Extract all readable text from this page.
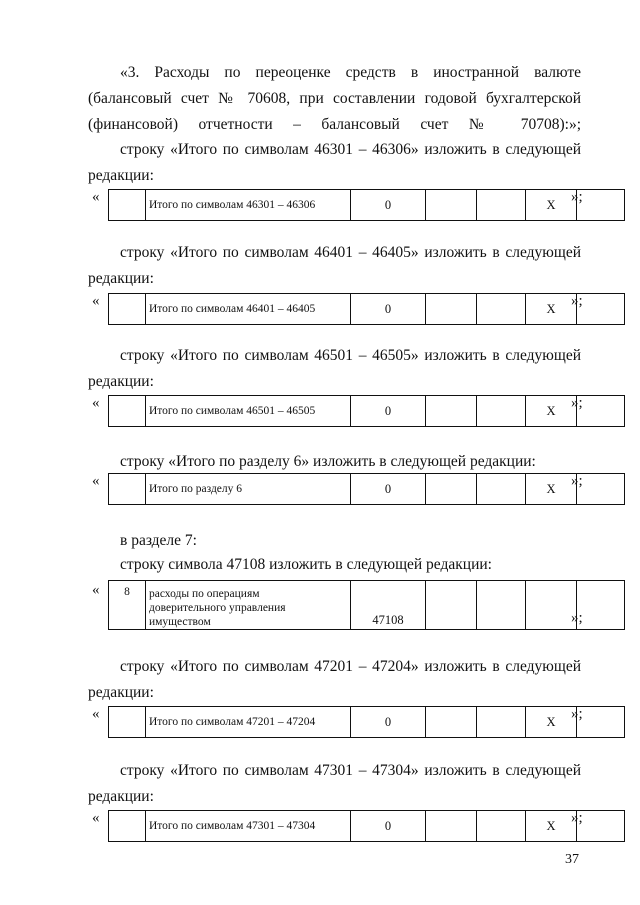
«3. Расходы по переоценке средств в иностранной валюте (балансовый счет № 70608, при составлении годовой бухгалтерской (финансовой) отчетности – балансовый счет № 70708):»;
строку «Итого по символам 46301 – 46306» изложить в следующей редакции:
«
		Итого по символам 46301 – 46306	0			X	»;
строку «Итого по символам 46401 – 46405» изложить в следующей редакции:
«
		Итого по символам 46401 – 46405	0			X	»;
строку «Итого по символам 46501 – 46505» изложить в следующей редакции:
«
		Итого по символам 46501 – 46505	0			X	»;
строку «Итого по разделу 6» изложить в следующей редакции:
«
		Итого по разделу 6	0			X	»;
в разделе 7:
строку символа 47108 изложить в следующей редакции:
« 8	расходы по операциям
доверительного управления
имуществом	47108					»;
строку «Итого по символам 47201 – 47204» изложить в следующей редакции:
«
		Итого по символам 47201 – 47204	0			X	»;
строку «Итого по символам 47301 – 47304» изложить в следующей редакции:
«
		Итого по символам 47301 – 47304	0			X	»;
37
